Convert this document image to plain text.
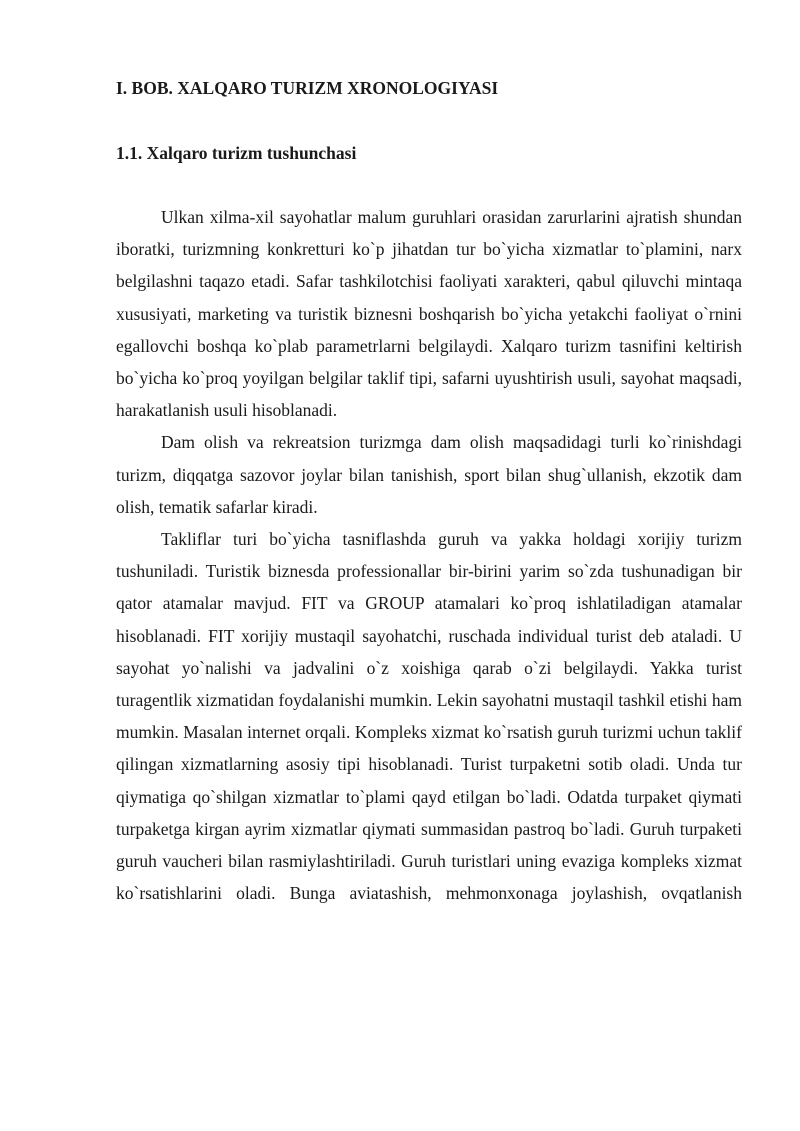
I. BOB. XALQARO TURIZM XRONOLOGIYASI
1.1. Xalqaro turizm tushunchasi

Ulkan xilma-xil sayohatlar malum guruhlari orasidan zarurlarini ajratish shundan iboratki, turizmning konkretturi ko`p jihatdan tur bo`yicha xizmatlar to`plamini, narx belgilashni taqazo etadi. Safar tashkilotchisi faoliyati xarakteri, qabul qiluvchi mintaqa xususiyati, marketing va turistik biznesni boshqarish bo`yicha yetakchi faoliyat o`rnini egallovchi boshqa ko`plab parametrlarni belgilaydi. Xalqaro turizm tasnifini keltirish bo`yicha ko`proq yoyilgan belgilar taklif tipi, safarni uyushtirish usuli, sayohat maqsadi, harakatlanish usuli hisoblanadi.

Dam olish va rekreatsion turizmga dam olish maqsadidagi turli ko`rinishdagi turizm, diqqatga sazovor joylar bilan tanishish, sport bilan shug`ullanish, ekzotik dam olish, tematik safarlar kiradi.

Takliflar turi bo`yicha tasniflashda guruh va yakka holdagi xorijiy turizm tushuniladi. Turistik biznesda professionallar bir-birini yarim so`zda tushunadigan bir qator atamalar mavjud. FIT va GROUP atamalari ko`proq ishlatiladigan atamalar hisoblanadi. FIT xorijiy mustaqil sayohatchi, ruschada individual turist deb ataladi. U sayohat yo`nalishi va jadvalini o`z xoishiga qarab o`zi belgilaydi. Yakka turist turagentlik xizmatidan foydalanishi mumkin. Lekin sayohatni mustaqil tashkil etishi ham mumkin. Masalan internet orqali. Kompleks xizmat ko`rsatish guruh turizmi uchun taklif qilingan xizmatlarning asosiy tipi hisoblanadi. Turist turpaketni sotib oladi. Unda tur qiymatiga qo`shilgan xizmatlar to`plami qayd etilgan bo`ladi. Odatda turpaket qiymati turpaketga kirgan ayrim xizmatlar qiymati summasidan pastroq bo`ladi. Guruh turpaketi guruh vaucheri bilan rasmiylashtiriladi. Guruh turistlari uning evaziga kompleks xizmat ko`rsatishlarini oladi. Bunga aviatashish, mehmonxonaga joylashish, ovqatlanish
